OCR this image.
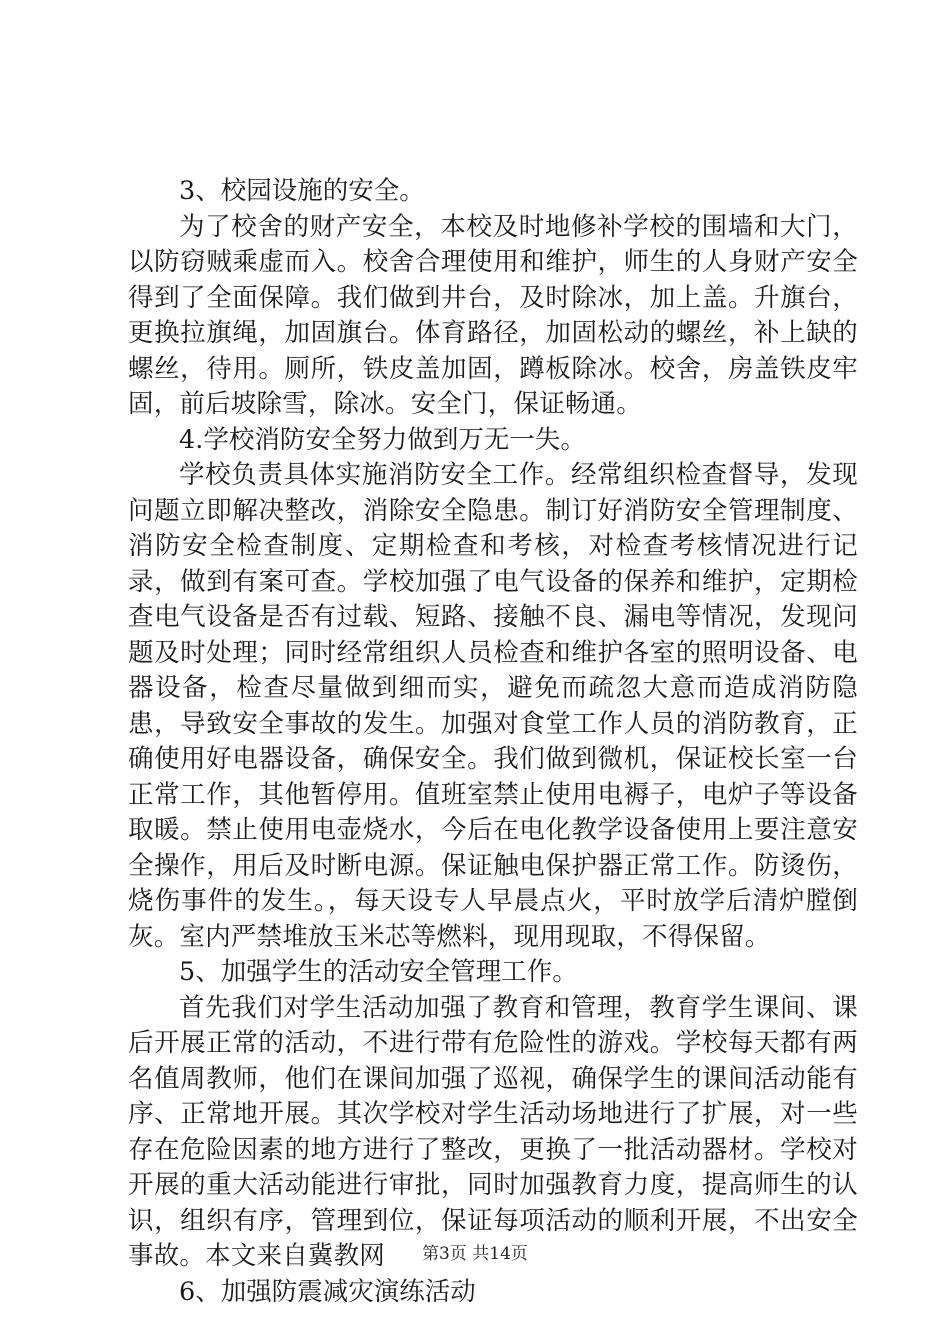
3、校园设施的安全。

为了校舍的财产安全，本校及时地修补学校的围墙和大门，以防窃贼乘虚而入。校舍合理使用和维护，师生的人身财产安全得到了全面保障。我们做到井台，及时除冰，加上盖。升旗台，更换拉旗绳，加固旗台。体育路径，加固松动的螺丝，补上缺的螺丝，待用。厕所，铁皮盖加固，蹲板除冰。校舍，房盖铁皮牢固，前后坡除雪，除冰。安全门，保证畅通。

4.学校消防安全努力做到万无一失。

学校负责具体实施消防安全工作。经常组织检查督导，发现问题立即解决整改，消除安全隐患。制订好消防安全管理制度、消防安全检查制度、定期检查和考核，对检查考核情况进行记录，做到有案可查。学校加强了电气设备的保养和维护，定期检查电气设备是否有过载、短路、接触不良、漏电等情况，发现问题及时处理；同时经常组织人员检查和维护各室的照明设备、电器设备，检查尽量做到细而实，避免而疏忽大意而造成消防隐患，导致安全事故的发生。加强对食堂工作人员的消防教育，正确使用好电器设备，确保安全。我们做到微机，保证校长室一台正常工作，其他暂停用。值班室禁止使用电褥子，电炉子等设备取暖。禁止使用电壶烧水，今后在电化教学设备使用上要注意安全操作，用后及时断电源。保证触电保护器正常工作。防烫伤，烧伤事件的发生。，每天设专人早晨点火，平时放学后清炉膛倒灰。室内严禁堆放玉米芯等燃料，现用现取，不得保留。

5、加强学生的活动安全管理工作。

首先我们对学生活动加强了教育和管理，教育学生课间、课后开展正常的活动，不进行带有危险性的游戏。学校每天都有两名值周教师，他们在课间加强了巡视，确保学生的课间活动能有序、正常地开展。其次学校对学生活动场地进行了扩展，对一些存在危险因素的地方进行了整改，更换了一批活动器材。学校对开展的重大活动能进行审批，同时加强教育力度，提高师生的认识，组织有序，管理到位，保证每项活动的顺利开展，不出安全事故。本文来自冀教网

6、加强防震减灾演练活动

第3页 共14页
